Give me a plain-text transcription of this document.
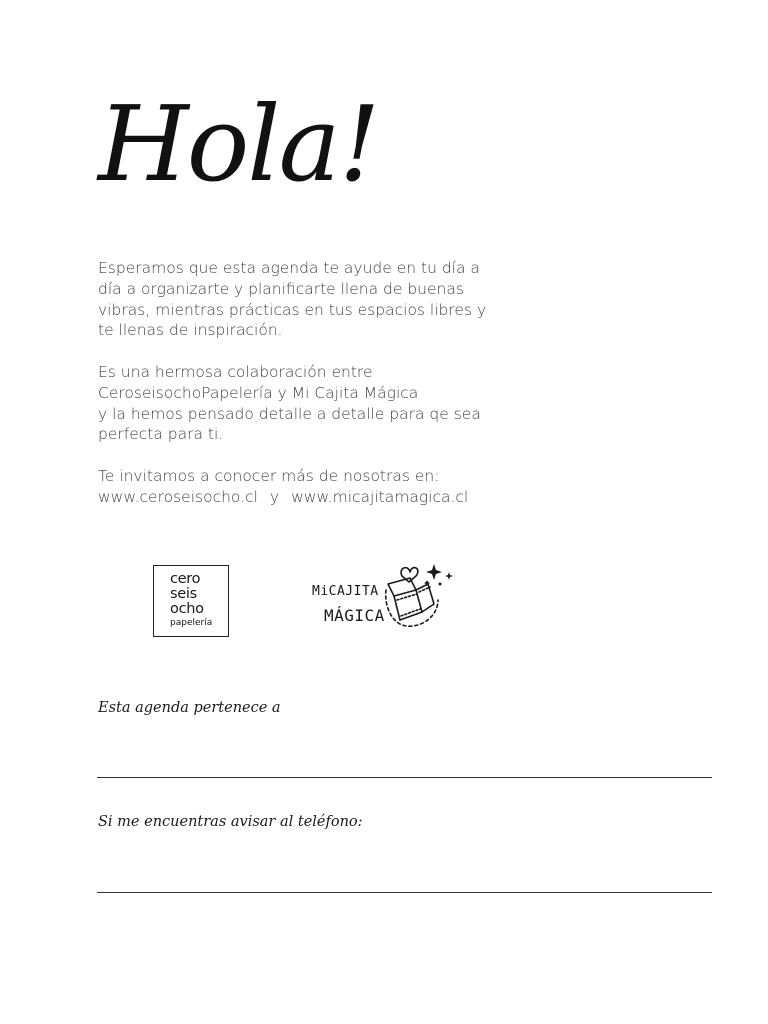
Hola!

Esperamos que esta agenda te ayude en tu día a
día a organizarte y planificarte llena de buenas
vibras, mientras prácticas en tus espacios libres y
te llenas de inspiración.

Es una hermosa colaboración entre
CeroseisochoPapelería y Mi Cajita Mágica
y la hemos pensado detalle a detalle para qe sea
perfecta para ti.

Te invitamos a conocer más de nosotras en:
www.ceroseisocho.cl y www.micajitamagica.cl

cero
seis
ocho
papelería
MiCAJITA
MÁGICA
Esta agenda pertenece a
Si me encuentras avisar al teléfono:
